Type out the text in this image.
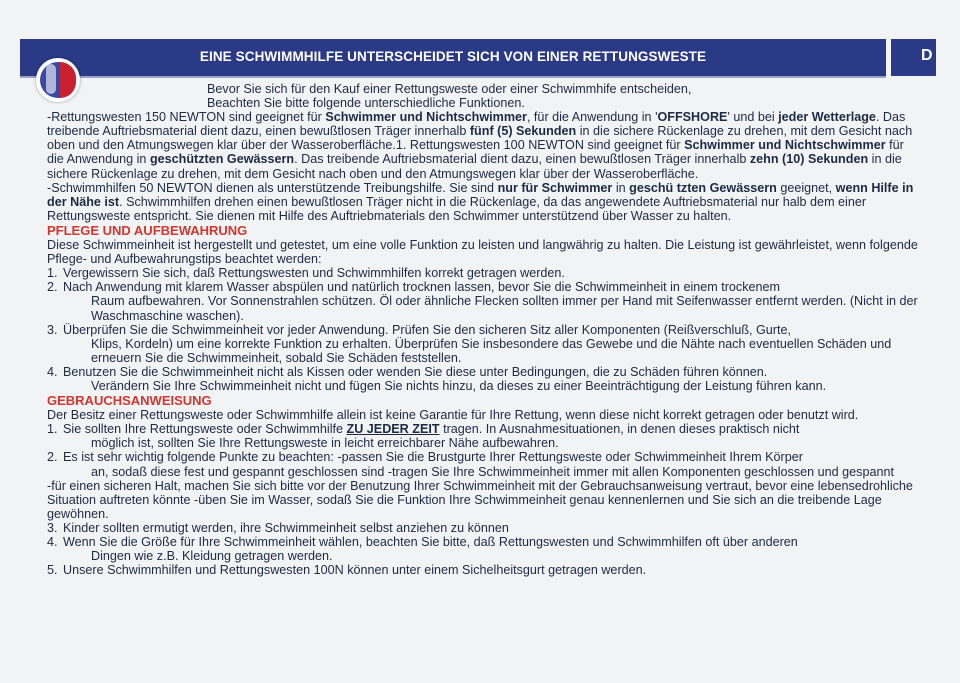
EINE SCHWIMMHILFE UNTERSCHEIDET SICH VON EINER RETTUNGSWESTE	D

Bevor Sie sich für den Kauf einer Rettungsweste oder einer Schwimmhife entscheiden,

Beachten Sie bitte folgende unterschiedliche Funktionen.

-Rettungswesten 150 NEWTON sind geeignet für Schwimmer und Nichtschwimmer, für die Anwendung in 'OFFSHORE' und bei jeder Wetterlage. Das treibende Auftriebsmaterial dient dazu, einen bewußtlosen Träger innerhalb fünf (5) Sekunden in die sichere Rückenlage zu drehen, mit dem Gesicht nach oben und den Atmungswegen klar über der Wasseroberfläche.1. Rettungswesten 100 NEWTON sind geeignet für Schwimmer und Nichtschwimmer für die Anwendung in geschützten Gewässern. Das treibende Auftriebsmaterial dient dazu, einen bewußtlosen Träger innerhalb zehn (10) Sekunden in die sichere Rückenlage zu drehen, mit dem Gesicht nach oben und den Atmungswegen klar über der Wasseroberfläche.

-Schwimmhilfen 50 NEWTON dienen als unterstützende Treibungshilfe. Sie sind nur für Schwimmer in geschü tzten Gewässern geeignet, wenn Hilfe in der Nähe ist. Schwimmhilfen drehen einen bewußtlosen Träger nicht in die Rückenlage, da das angewendete Auftriebsmaterial nur halb dem einer Rettungsweste entspricht. Sie dienen mit Hilfe des Auftriebmaterials den Schwimmer unterstützend über Wasser zu halten.

PFLEGE UND AUFBEWAHRUNG

Diese Schwimmeinheit ist hergestellt und getestet, um eine volle Funktion zu leisten und langwährig zu halten. Die Leistung ist gewährleistet, wenn folgende Pflege- und Aufbewahrungstips beachtet werden:

1. Vergewissern Sie sich, daß Rettungswesten und Schwimmhilfen korrekt getragen werden.

2. Nach Anwendung mit klarem Wasser abspülen und natürlich trocknen lassen, bevor Sie die Schwimmeinheit in einem trockenem

Raum aufbewahren. Vor Sonnenstrahlen schützen. Öl oder ähnliche Flecken sollten immer per Hand mit Seifenwasser entfernt werden. (Nicht in der Waschmaschine waschen).

3. Überprüfen Sie die Schwimmeinheit vor jeder Anwendung. Prüfen Sie den sicheren Sitz aller Komponenten (Reißverschluß, Gurte,

Klips, Kordeln) um eine korrekte Funktion zu erhalten. Überprüfen Sie insbesondere das Gewebe und die Nähte nach eventuellen Schäden und erneuern Sie die Schwimmeinheit, sobald Sie Schäden feststellen.

4. Benutzen Sie die Schwimmeinheit nicht als Kissen oder wenden Sie diese unter Bedingungen, die zu Schäden führen können.

Verändern Sie Ihre Schwimmeinheit nicht und fügen Sie nichts hinzu, da dieses zu einer Beeinträchtigung der Leistung führen kann.

GEBRAUCHSANWEISUNG

Der Besitz einer Rettungsweste oder Schwimmhilfe allein ist keine Garantie für Ihre Rettung, wenn diese nicht korrekt getragen oder benutzt wird.

1. Sie sollten Ihre Rettungsweste oder Schwimmhilfe ZU JEDER ZEIT tragen. In Ausnahmesituationen, in denen dieses praktisch nicht

möglich ist, sollten Sie Ihre Rettungsweste in leicht erreichbarer Nähe aufbewahren.

2. Es ist sehr wichtig folgende Punkte zu beachten: -passen Sie die Brustgurte Ihrer Rettungsweste oder Schwimmeinheit Ihrem Körper

an, sodaß diese fest und gespannt geschlossen sind -tragen Sie Ihre Schwimmeinheit immer mit allen Komponenten geschlossen und gespannt

-für einen sicheren Halt, machen Sie sich bitte vor der Benutzung Ihrer Schwimmeinheit mit der Gebrauchsanweisung vertraut, bevor eine lebensedrohliche Situation auftreten könnte -üben Sie im Wasser, sodaß Sie die Funktion Ihre Schwimmeinheit genau kennenlernen und Sie sich an die treibende Lage gewöhnen.

3. Kinder sollten ermutigt werden, ihre Schwimmeinheit selbst anziehen zu können

4. Wenn Sie die Größe für Ihre Schwimmeinheit wählen, beachten Sie bitte, daß Rettungswesten und Schwimmhilfen oft über anderen

Dingen wie z.B. Kleidung getragen werden.

5. Unsere Schwimmhilfen und Rettungswesten 100N können unter einem Sichelheitsgurt getragen werden.
